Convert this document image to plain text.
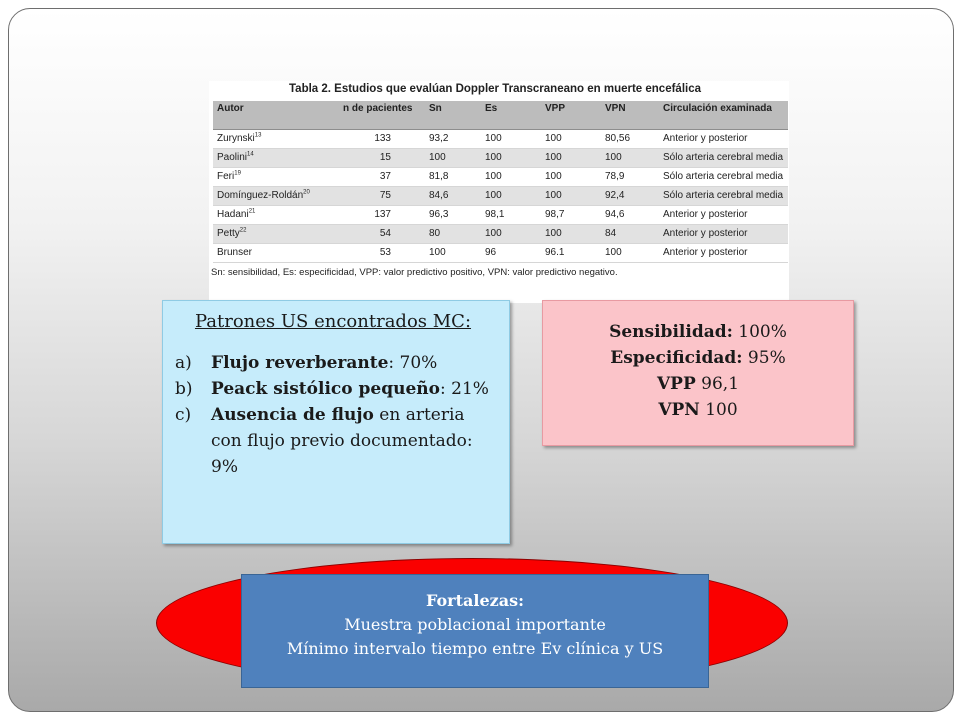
Tabla 2. Estudios que evalúan Doppler Transcraneano en muerte encefálica
Autor	n de pacientes	Sn	Es	VPP	VPN	Circulación examinada
Zurynski$^{13}$	133	93,2	100	100	80,56	Anterior y posterior
Paolini$^{14}$	15	100	100	100	100	Sólo arteria cerebral media
Feri$^{19}$	37	81,8	100	100	78,9	Sólo arteria cerebral media
Domínguez-Roldán$^{20}$	75	84,6	100	100	92,4	Sólo arteria cerebral media
Hadani$^{21}$	137	96,3	98,1	98,7	94,6	Anterior y posterior
Petty$^{22}$	54	80	100	100	84	Anterior y posterior
Brunser	53	100	96	96.1	100	Anterior y posterior
Sn: sensibilidad, Es: especificidad, VPP: valor predictivo positivo, VPN: valor predictivo negativo.
Patrones US encontrados MC:
a) Flujo reverberante: 70%
b) Peack sistólico pequeño: 21%
c) Ausencia de flujo en arteria con flujo previo documentado: 9%
Sensibilidad: 100%
Especificidad: 95%
VPP 96,1
VPN 100
Fortalezas:
Muestra poblacional importante
Mínimo intervalo tiempo entre Ev clínica y US
